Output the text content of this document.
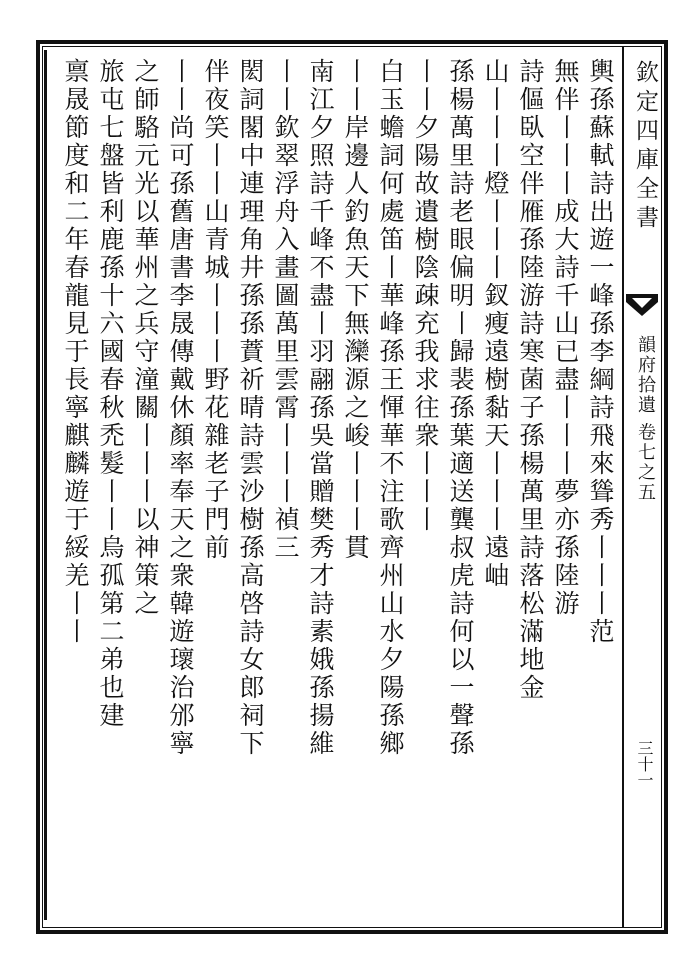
欽定四庫全書
韻府拾遺 卷七之五
三十一
輿孫蘇軾詩出遊一峰孫李綱詩飛來聳秀丨丨丨范
無伴丨丨丨成大詩千山已盡丨丨丨夢亦孫陸游
詩傴臥空伴雁孫陸游詩寒菌子孫楊萬里詩落松滿地金
山丨丨丨燈丨丨丨釵瘦遠樹黏天丨丨丨遠岫
孫楊萬里詩老眼偏明丨歸裴孫葉適送龔叔虎詩何以一聲孫
丨丨夕陽故遺樹陰疎充我求往衆丨丨丨
白玉蟾詞何處笛丨華峰孫王惲華不注歌齊州山水夕陽孫鄉
丨丨岸邊人釣魚天下無灤源之峻丨丨丨貫
南江夕照詩千峰不盡丨羽翮孫吳當贈樊秀才詩素娥孫揚維
丨丨欽翠浮舟入畫圖萬里雲霄丨丨丨禎三
閎詞閣中連理角井孫孫蕡祈晴詩雲沙樹孫高啓詩女郎祠下
伴夜笑丨丨山青城丨丨丨野花雜老子門前
丨丨尚可孫舊唐書李晟傳戴休顏率奉天之衆韓遊瓌治邠寧
之師駱元光以華州之兵守潼關丨丨丨以神策之
旅屯七盤皆利鹿孫十六國春秋禿髮丨丨烏孤第二弟也建
禀晟節度和二年春龍見于長寧麒麟遊于綏羌丨丨
